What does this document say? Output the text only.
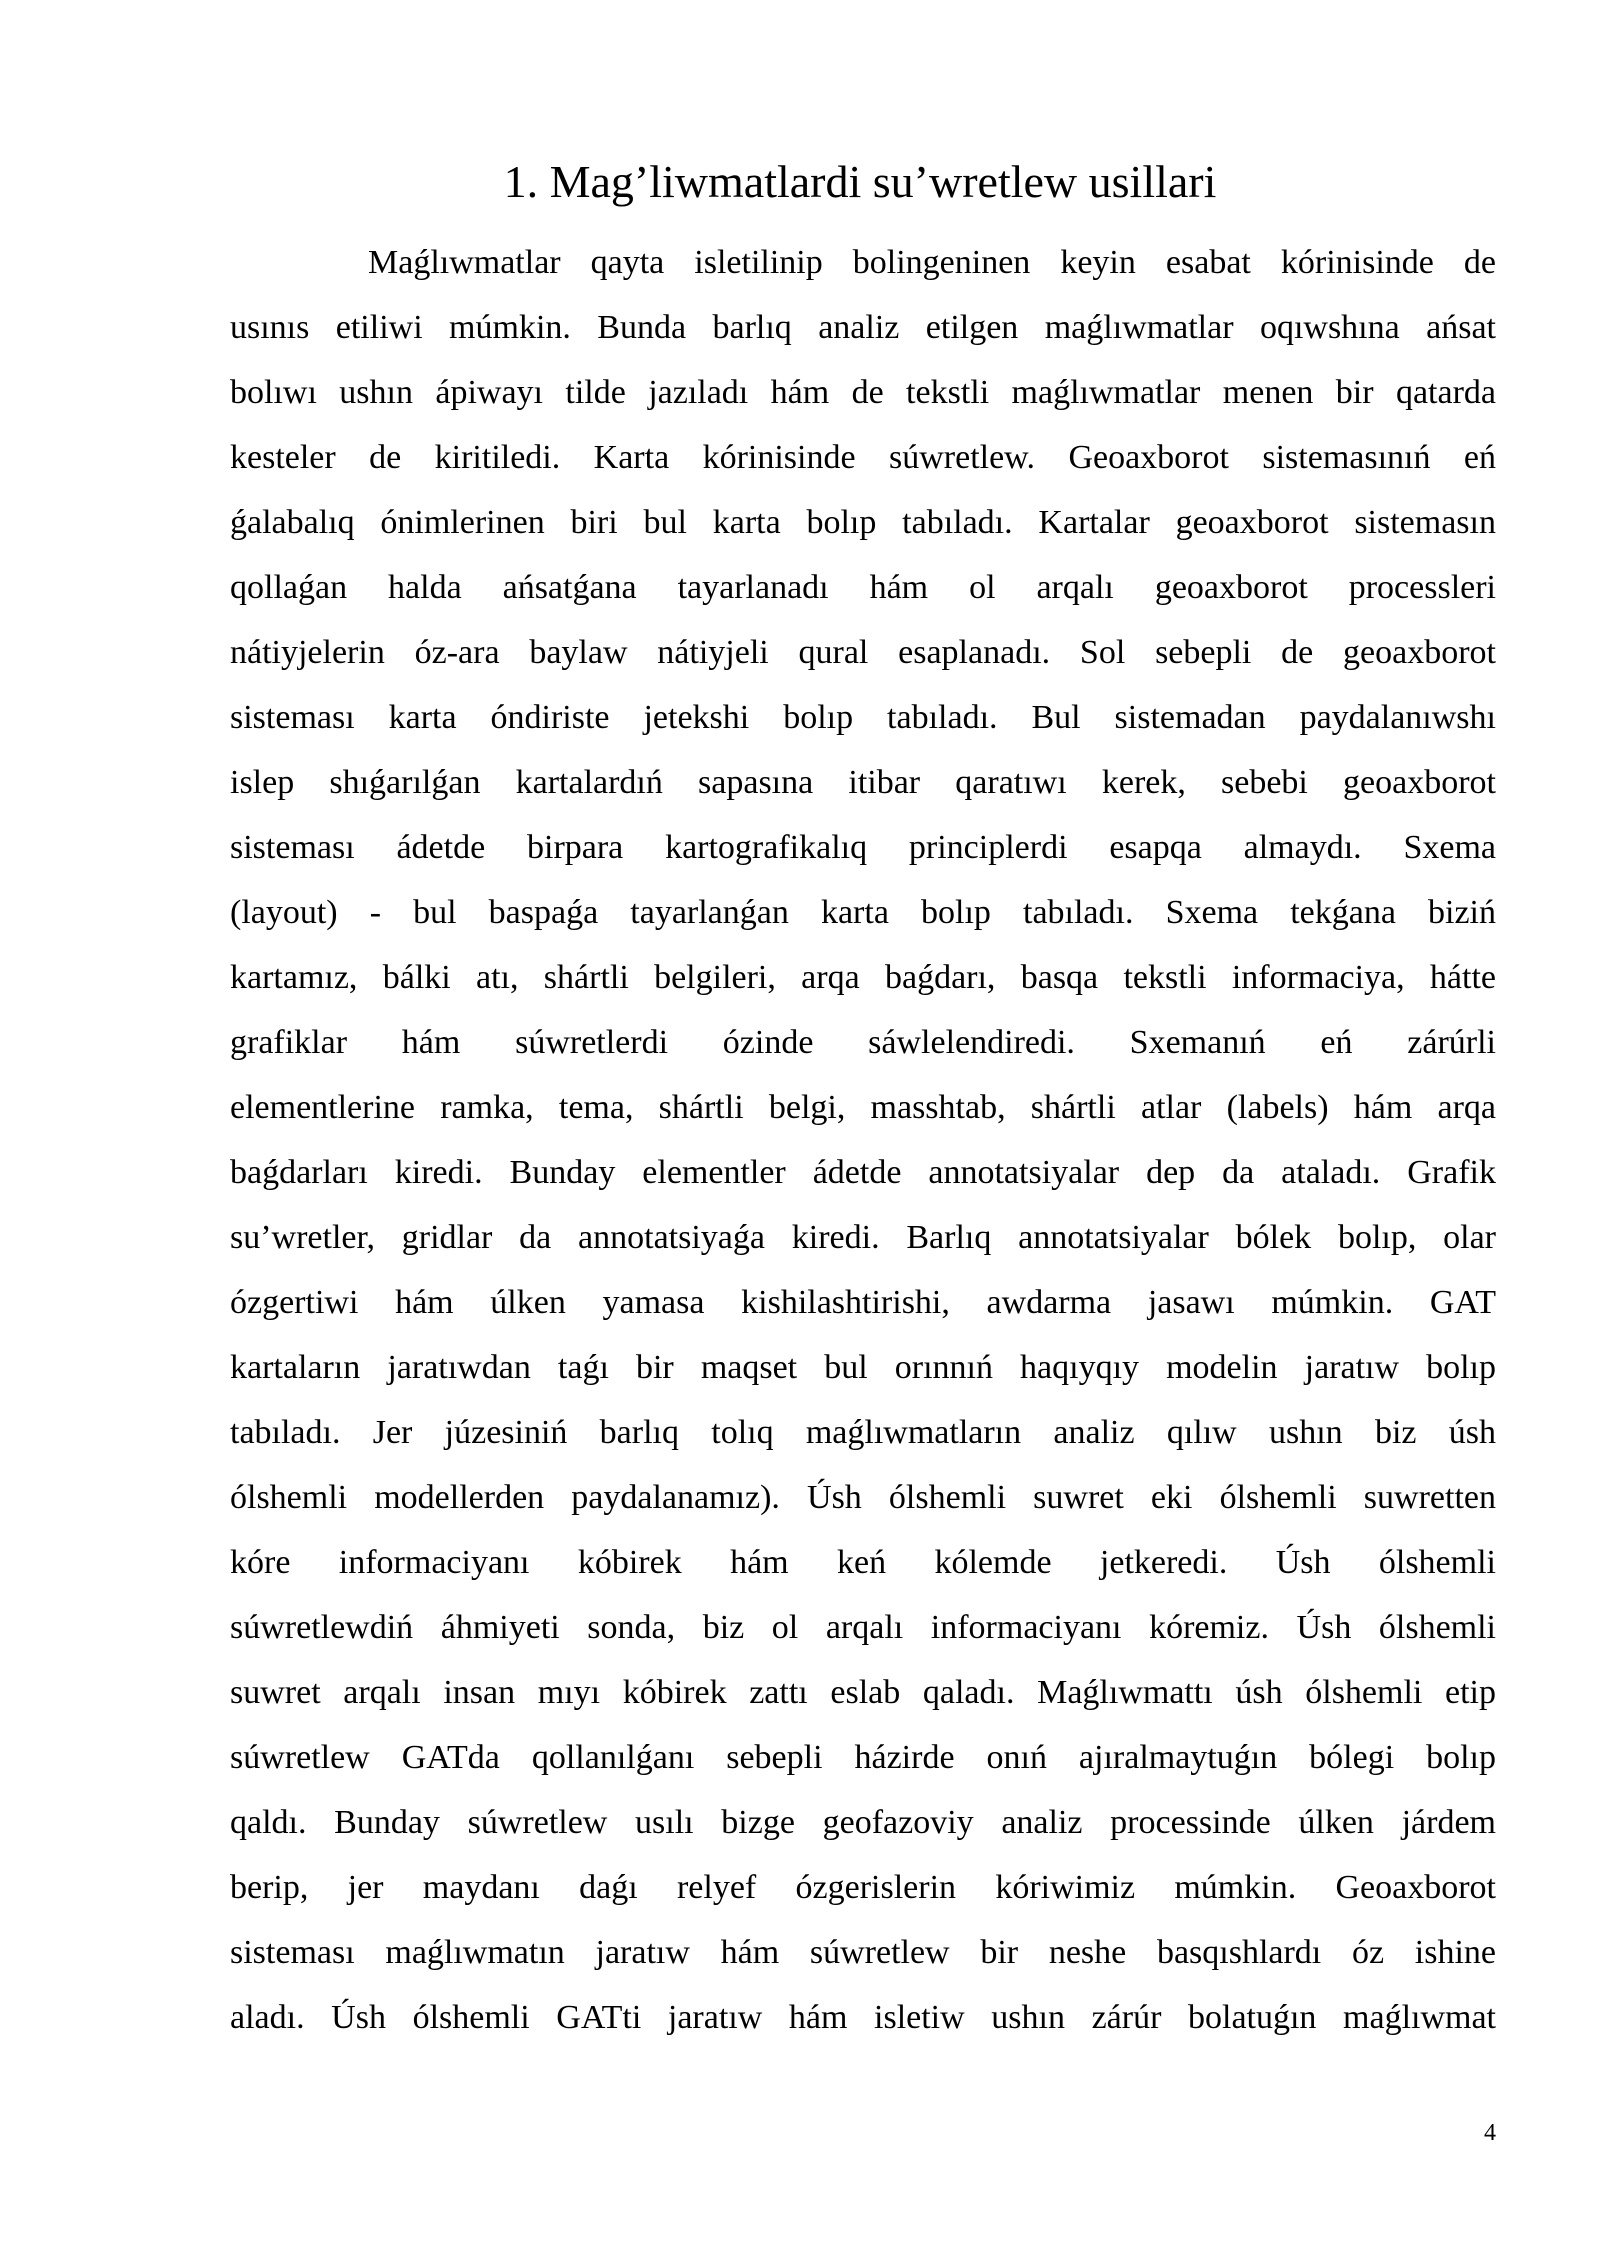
1. Mag’liwmatlardi su’wretlew usillari
Maǵlıwmatlar qayta isletilinip bolingeninen keyin esabat kórinisinde de
usınıs etiliwi múmkin. Bunda barlıq analiz etilgen maǵlıwmatlar oqıwshına ańsat
bolıwı ushın ápiwayı tilde jazıladı hám de tekstli maǵlıwmatlar menen bir qatarda
kesteler de kiritiledi. Karta kórinisinde súwretlew. Geoaxborot sistemasınıń eń
ǵalabalıq ónimlerinen biri bul karta bolıp tabıladı. Kartalar geoaxborot sistemasın
qollaǵan halda ańsatǵana tayarlanadı hám ol arqalı geoaxborot processleri
nátiyjelerin óz-ara baylaw nátiyjeli qural esaplanadı. Sol sebepli de geoaxborot
sisteması karta óndiriste jetekshi bolıp tabıladı. Bul sistemadan paydalanıwshı
islep shıǵarılǵan kartalardıń sapasına itibar qaratıwı kerek, sebebi geoaxborot
sisteması ádetde birpara kartografikalıq principlerdi esapqa almaydı. Sxema
(layout) - bul baspaǵa tayarlanǵan karta bolıp tabıladı. Sxema tekǵana biziń
kartamız, bálki atı, shártli belgileri, arqa baǵdarı, basqa tekstli informaciya, hátte
grafiklar hám súwretlerdi ózinde sáwlelendiredi. Sxemanıń eń zárúrli
elementlerine ramka, tema, shártli belgi, masshtab, shártli atlar (labels) hám arqa
baǵdarları kiredi. Bunday elementler ádetde annotatsiyalar dep da ataladı. Grafik
su’wretler, gridlar da annotatsiyaǵa kiredi. Barlıq annotatsiyalar bólek bolıp, olar
ózgertiwi hám úlken yamasa kishilashtirishi, awdarma jasawı múmkin. GAT
kartaların jaratıwdan taǵı bir maqset bul orınnıń haqıyqıy modelin jaratıw bolıp
tabıladı. Jer júzesiniń barlıq tolıq maǵlıwmatların analiz qılıw ushın biz úsh
ólshemli modellerden paydalanamız). Úsh ólshemli suwret eki ólshemli suwretten
kóre informaciyanı kóbirek hám keń kólemde jetkeredi. Úsh ólshemli
súwretlewdiń áhmiyeti sonda, biz ol arqalı informaciyanı kóremiz. Úsh ólshemli
suwret arqalı insan mıyı kóbirek zattı eslab qaladı. Maǵlıwmattı úsh ólshemli etip
súwretlew GATda qollanılǵanı sebepli házirde onıń ajıralmaytuǵın bólegi bolıp
qaldı. Bunday súwretlew usılı bizge geofazoviy analiz processinde úlken járdem
berip, jer maydanı daǵı relyef ózgerislerin kóriwimiz múmkin. Geoaxborot
sisteması maǵlıwmatın jaratıw hám súwretlew bir neshe basqıshlardı óz ishine
aladı. Úsh ólshemli GATti jaratıw hám isletiw ushın zárúr bolatuǵın maǵlıwmat
4
